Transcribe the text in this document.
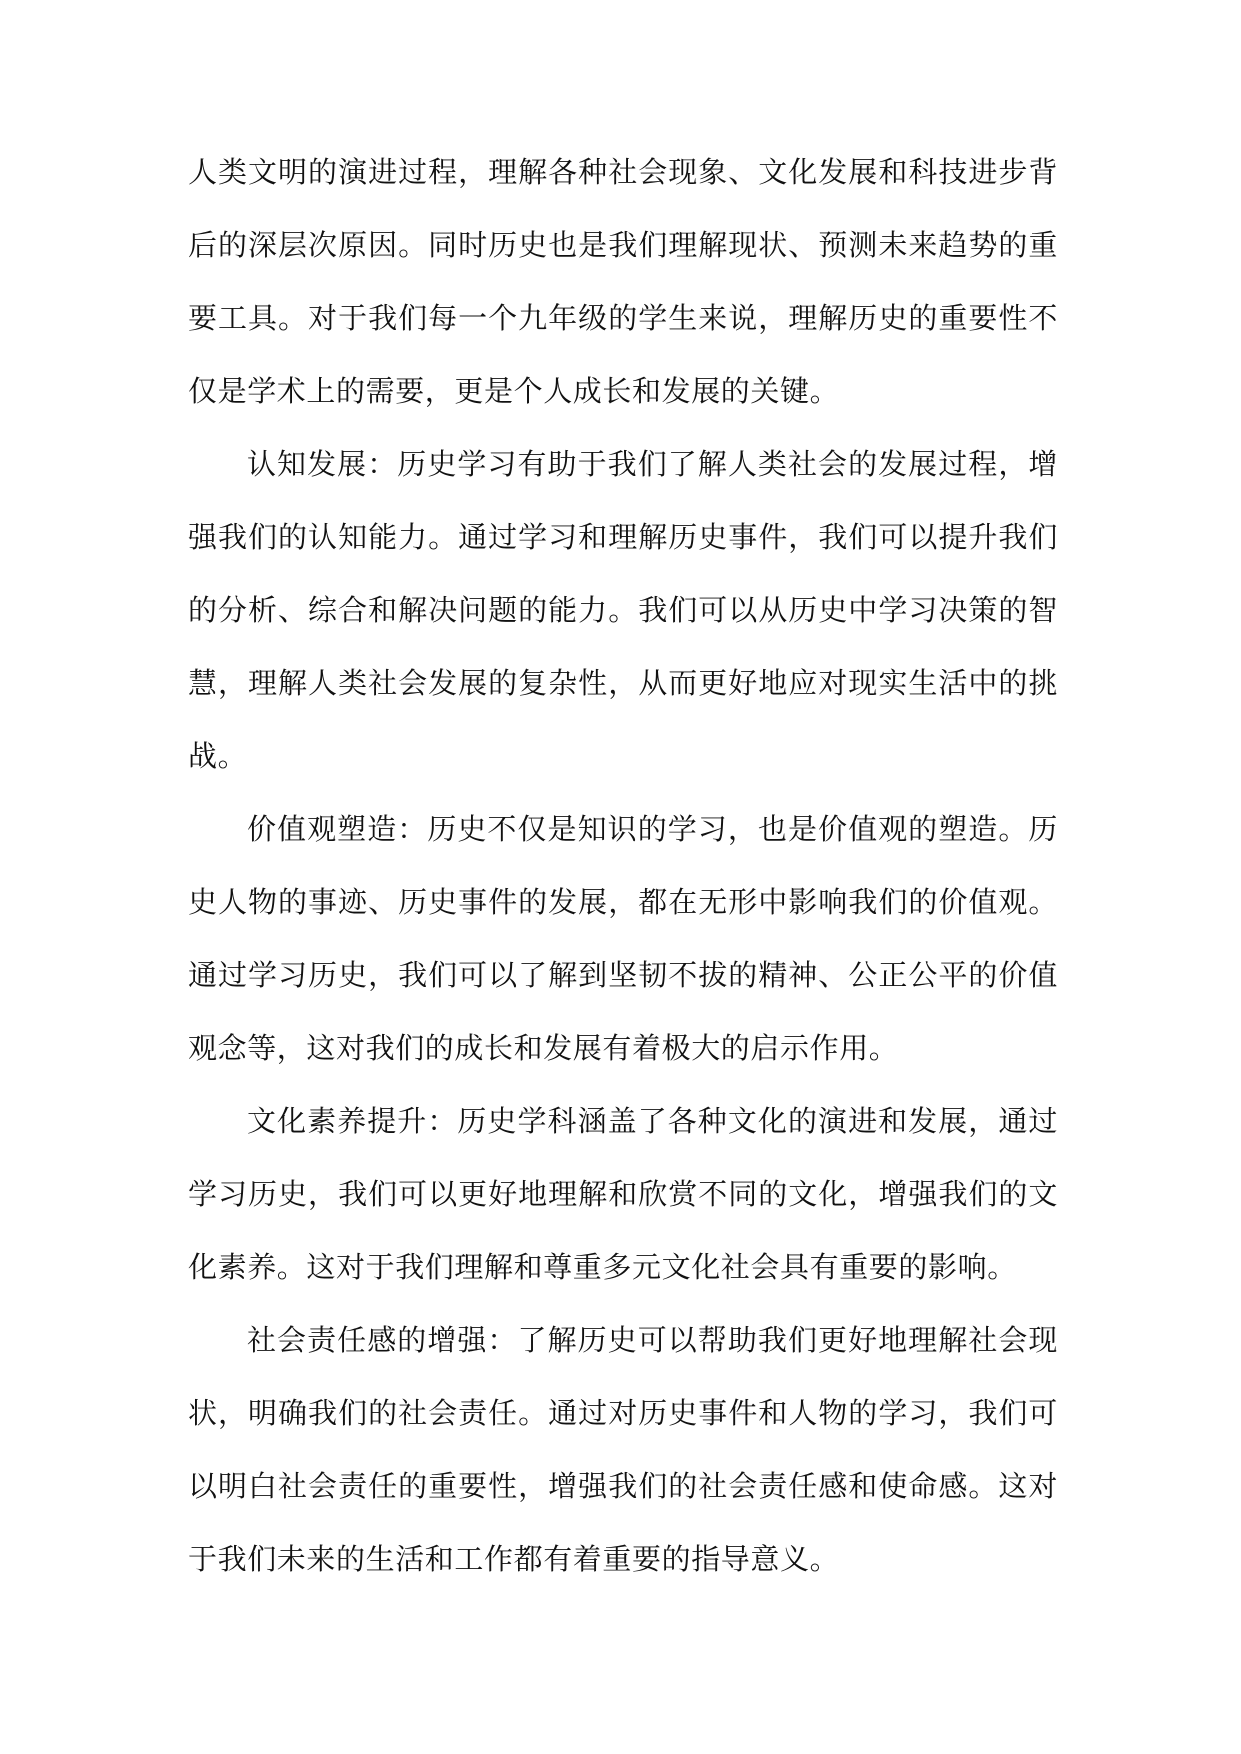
人类文明的演进过程，理解各种社会现象、文化发展和科技进步背后的深层次原因。同时历史也是我们理解现状、预测未来趋势的重要工具。对于我们每一个九年级的学生来说，理解历史的重要性不仅是学术上的需要，更是个人成长和发展的关键。

认知发展：历史学习有助于我们了解人类社会的发展过程，增强我们的认知能力。通过学习和理解历史事件，我们可以提升我们的分析、综合和解决问题的能力。我们可以从历史中学习决策的智慧，理解人类社会发展的复杂性，从而更好地应对现实生活中的挑战。

价值观塑造：历史不仅是知识的学习，也是价值观的塑造。历史人物的事迹、历史事件的发展，都在无形中影响我们的价值观。通过学习历史，我们可以了解到坚韧不拔的精神、公正公平的价值观念等，这对我们的成长和发展有着极大的启示作用。

文化素养提升：历史学科涵盖了各种文化的演进和发展，通过学习历史，我们可以更好地理解和欣赏不同的文化，增强我们的文化素养。这对于我们理解和尊重多元文化社会具有重要的影响。

社会责任感的增强：了解历史可以帮助我们更好地理解社会现状，明确我们的社会责任。通过对历史事件和人物的学习，我们可以明白社会责任的重要性，增强我们的社会责任感和使命感。这对于我们未来的生活和工作都有着重要的指导意义。
